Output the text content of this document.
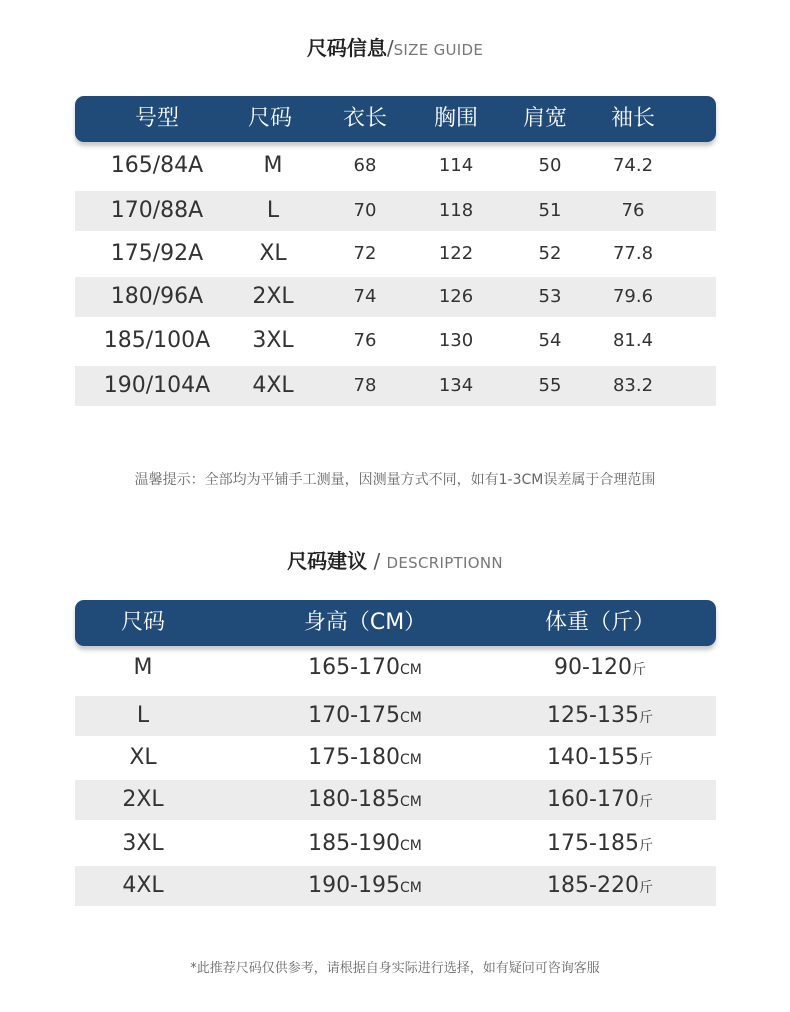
尺码信息/SIZE GUIDE
号型	尺码	衣长	胸围	肩宽	袖长
165/84A	M	68	114	50	74.2
170/88A	L	70	118	51	76
175/92A	XL	72	122	52	77.8
180/96A	2XL	74	126	53	79.6
185/100A	3XL	76	130	54	81.4
190/104A	4XL	78	134	55	83.2
温馨提示：全部均为平铺手工测量，因测量方式不同，如有1-3CM误差属于合理范围
尺码建议 / DESCRIPTIONN
尺码	身高（CM）	体重（斤）
M	165-170CM	90-120斤
L	170-175CM	125-135斤
XL	175-180CM	140-155斤
2XL	180-185CM	160-170斤
3XL	185-190CM	175-185斤
4XL	190-195CM	185-220斤
*此推荐尺码仅供参考，请根据自身实际进行选择，如有疑问可咨询客服
